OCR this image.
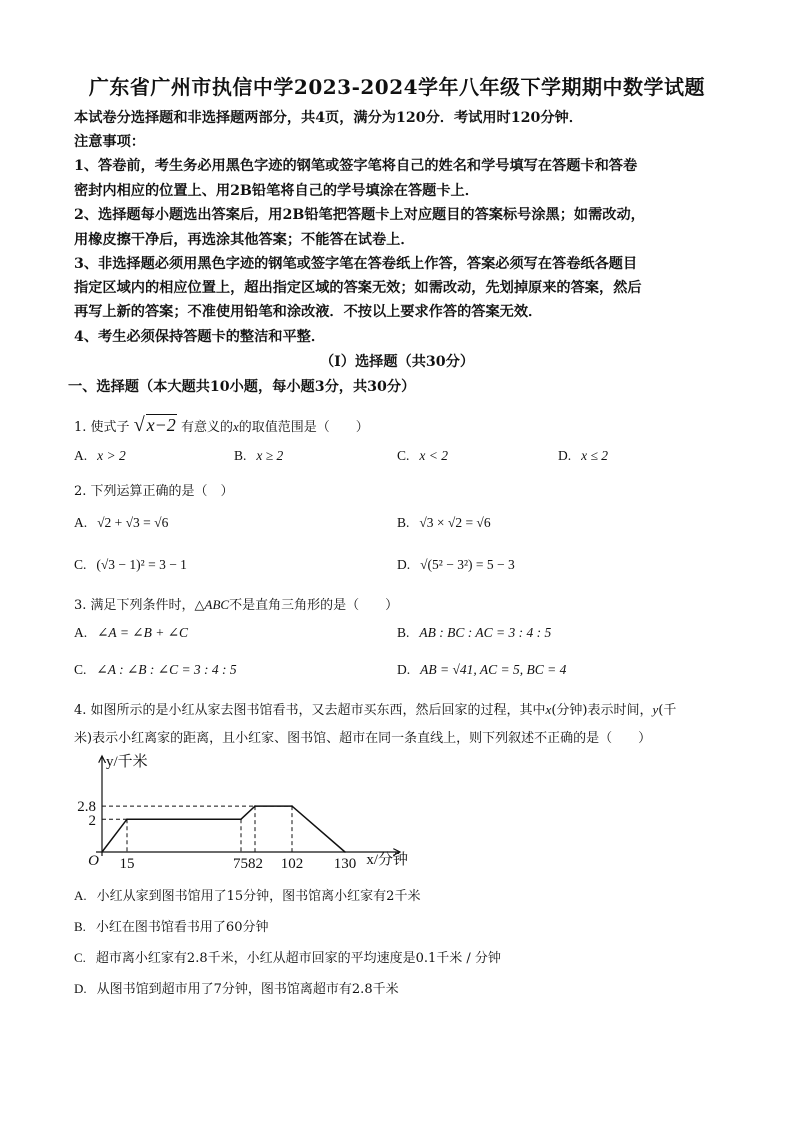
广东省广州市执信中学2023-2024学年八年级下学期期中数学试题
本试卷分选择题和非选择题两部分，共4页，满分为120分．考试用时120分钟．
注意事项：
1、答卷前，考生务必用黑色字迹的钢笔或签字笔将自己的姓名和学号填写在答题卡和答卷
密封内相应的位置上、用2B铅笔将自己的学号填涂在答题卡上．
2、选择题每小题选出答案后，用2B铅笔把答题卡上对应题目的答案标号涂黑；如需改动，
用橡皮擦干净后，再选涂其他答案；不能答在试卷上．
3、非选择题必须用黑色字迹的钢笔或签字笔在答卷纸上作答，答案必须写在答卷纸各题目
指定区域内的相应位置上，超出指定区域的答案无效；如需改动，先划掉原来的答案，然后
再写上新的答案；不准使用铅笔和涂改液．不按以上要求作答的答案无效．
4、考生必须保持答题卡的整洁和平整．
（I）选择题（共30分）
一、选择题（本大题共10小题，每小题3分，共30分）
1. 使式子 √ x−2 有意义的x的取值范围是（　　）
A. x > 2	B. x ≥ 2	C. x < 2	D. x ≤ 2
2. 下列运算正确的是（　）
A. √2 + √3 = √6	B. √3 × √2 = √6
C. (√3 − 1)² = 3 − 1	D. √(5² − 3²) = 5 − 3
3. 满足下列条件时，△ABC不是直角三角形的是（　　）
A. ∠A = ∠B + ∠C	B. AB : BC : AC = 3 : 4 : 5
C. ∠A : ∠B : ∠C = 3 : 4 : 5	D. AB = √41, AC = 5, BC = 4
4. 如图所示的是小红从家去图书馆看书，又去超市买东西，然后回家的过程，其中x(分钟)表示时间，y(千
米)表示小红离家的距离，且小红家、图书馆、超市在同一条直线上，则下列叙述不正确的是（　　）
y/千米
x/分钟
O
2.8
2
15	7582 102 130
A. 小红从家到图书馆用了15分钟，图书馆离小红家有2千米
B. 小红在图书馆看书用了60分钟
C. 超市离小红家有2.8千米，小红从超市回家的平均速度是0.1千米 / 分钟
D. 从图书馆到超市用了7分钟，图书馆离超市有2.8千米
